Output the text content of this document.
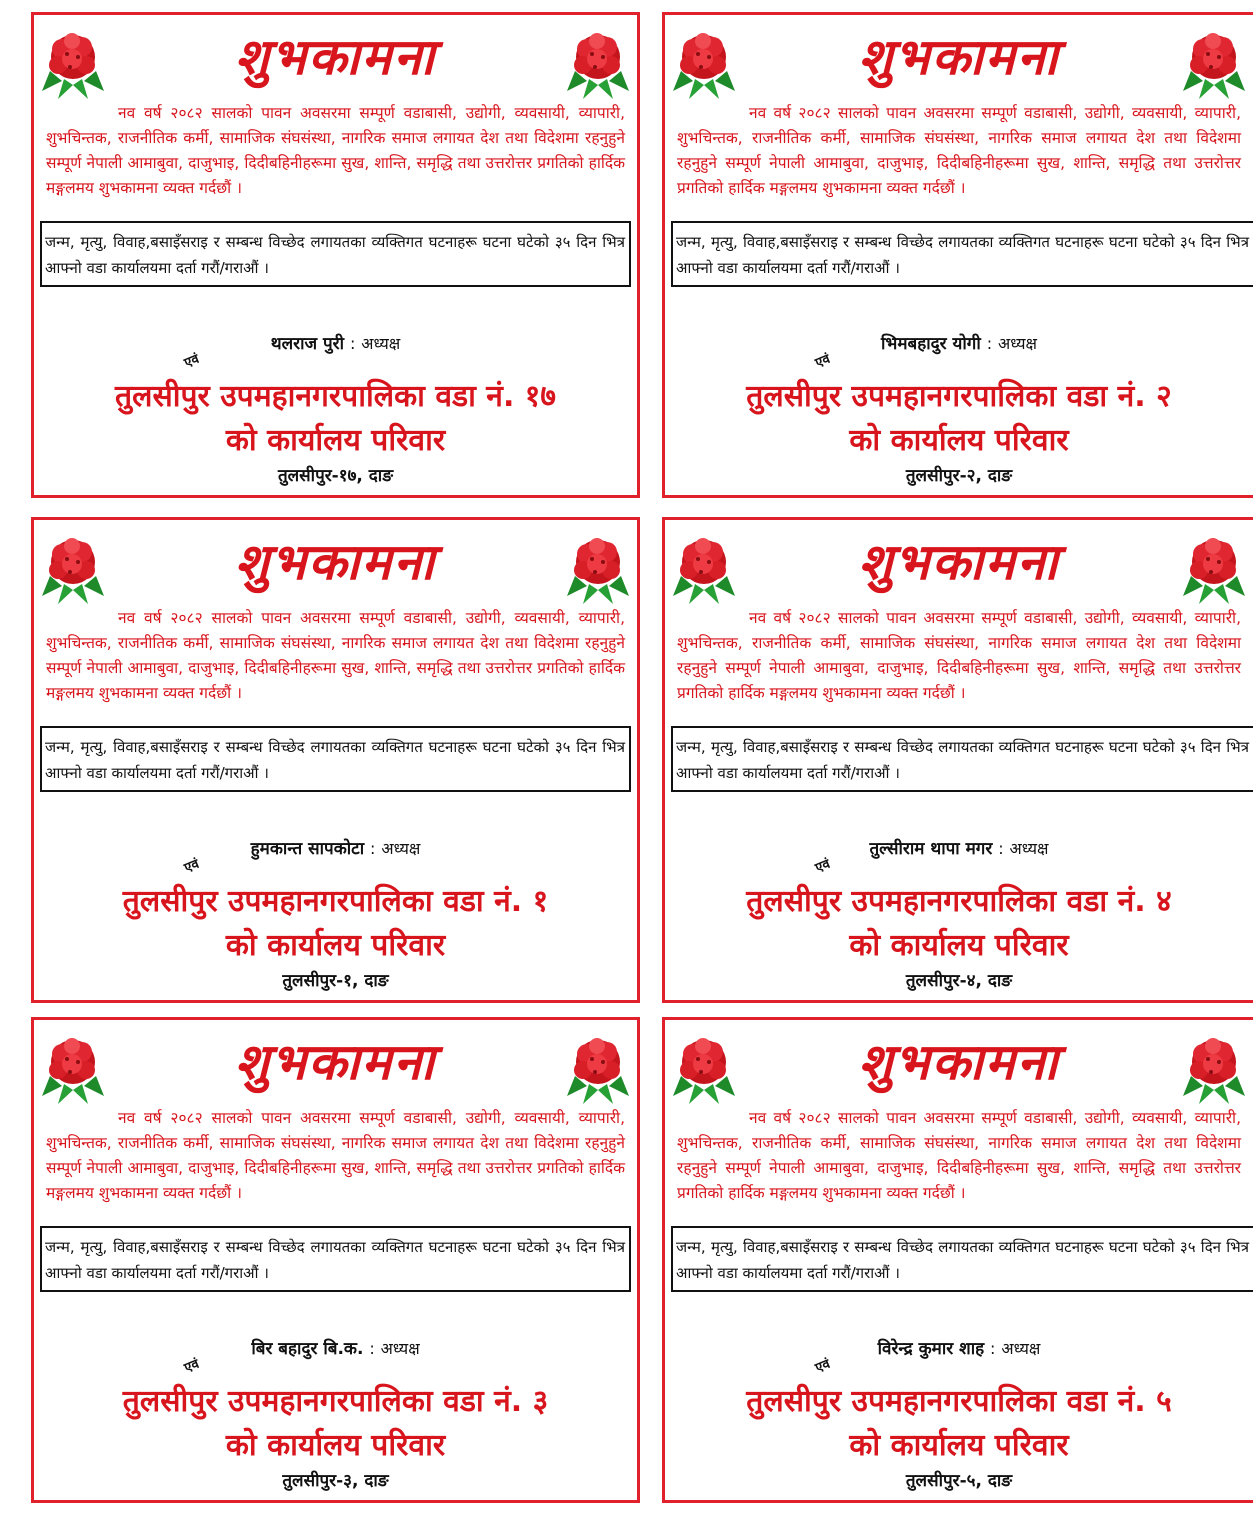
शुभकामना
नव वर्ष २०८२ सालको पावन अवसरमा सम्पूर्ण वडाबासी, उद्योगी, व्यवसायी, व्यापारी, शुभचिन्तक, राजनीतिक कर्मी, सामाजिक संघसंस्था, नागरिक समाज लगायत देश तथा विदेशमा रहनुहुने सम्पूर्ण नेपाली आमाबुवा, दाजुभाइ, दिदीबहिनीहरूमा सुख, शान्ति, समृद्धि तथा उत्तरोत्तर प्रगतिको हार्दिक मङ्गलमय शुभकामना व्यक्त गर्दछौं ।
जन्म, मृत्यु, विवाह,बसाइँसराइ र सम्बन्ध विच्छेद लगायतका व्यक्तिगत घटनाहरू घटना घटेको ३५ दिन भित्र आफ्नो वडा कार्यालयमा दर्ता गरौं/गराऔं ।
एवं
थलराज पुरी : अध्यक्ष
तुलसीपुर उपमहानगरपालिका वडा नं. १७
को कार्यालय परिवार
तुलसीपुर-१७, दाङ
शुभकामना
नव वर्ष २०८२ सालको पावन अवसरमा सम्पूर्ण वडाबासी, उद्योगी, व्यवसायी, व्यापारी, शुभचिन्तक, राजनीतिक कर्मी, सामाजिक संघसंस्था, नागरिक समाज लगायत देश तथा विदेशमा रहनुहुने सम्पूर्ण नेपाली आमाबुवा, दाजुभाइ, दिदीबहिनीहरूमा सुख, शान्ति, समृद्धि तथा उत्तरोत्तर प्रगतिको हार्दिक मङ्गलमय शुभकामना व्यक्त गर्दछौं ।
जन्म, मृत्यु, विवाह,बसाइँसराइ र सम्बन्ध विच्छेद लगायतका व्यक्तिगत घटनाहरू घटना घटेको ३५ दिन भित्र आफ्नो वडा कार्यालयमा दर्ता गरौं/गराऔं ।
एवं
भिमबहादुर योगी : अध्यक्ष
तुलसीपुर उपमहानगरपालिका वडा नं. २
को कार्यालय परिवार
तुलसीपुर-२, दाङ
शुभकामना
नव वर्ष २०८२ सालको पावन अवसरमा सम्पूर्ण वडाबासी, उद्योगी, व्यवसायी, व्यापारी, शुभचिन्तक, राजनीतिक कर्मी, सामाजिक संघसंस्था, नागरिक समाज लगायत देश तथा विदेशमा रहनुहुने सम्पूर्ण नेपाली आमाबुवा, दाजुभाइ, दिदीबहिनीहरूमा सुख, शान्ति, समृद्धि तथा उत्तरोत्तर प्रगतिको हार्दिक मङ्गलमय शुभकामना व्यक्त गर्दछौं ।
जन्म, मृत्यु, विवाह,बसाइँसराइ र सम्बन्ध विच्छेद लगायतका व्यक्तिगत घटनाहरू घटना घटेको ३५ दिन भित्र आफ्नो वडा कार्यालयमा दर्ता गरौं/गराऔं ।
एवं
हुमकान्त सापकोटा : अध्यक्ष
तुलसीपुर उपमहानगरपालिका वडा नं. १
को कार्यालय परिवार
तुलसीपुर-१, दाङ
शुभकामना
नव वर्ष २०८२ सालको पावन अवसरमा सम्पूर्ण वडाबासी, उद्योगी, व्यवसायी, व्यापारी, शुभचिन्तक, राजनीतिक कर्मी, सामाजिक संघसंस्था, नागरिक समाज लगायत देश तथा विदेशमा रहनुहुने सम्पूर्ण नेपाली आमाबुवा, दाजुभाइ, दिदीबहिनीहरूमा सुख, शान्ति, समृद्धि तथा उत्तरोत्तर प्रगतिको हार्दिक मङ्गलमय शुभकामना व्यक्त गर्दछौं ।
जन्म, मृत्यु, विवाह,बसाइँसराइ र सम्बन्ध विच्छेद लगायतका व्यक्तिगत घटनाहरू घटना घटेको ३५ दिन भित्र आफ्नो वडा कार्यालयमा दर्ता गरौं/गराऔं ।
एवं
तुल्सीराम थापा मगर : अध्यक्ष
तुलसीपुर उपमहानगरपालिका वडा नं. ४
को कार्यालय परिवार
तुलसीपुर-४, दाङ
शुभकामना
नव वर्ष २०८२ सालको पावन अवसरमा सम्पूर्ण वडाबासी, उद्योगी, व्यवसायी, व्यापारी, शुभचिन्तक, राजनीतिक कर्मी, सामाजिक संघसंस्था, नागरिक समाज लगायत देश तथा विदेशमा रहनुहुने सम्पूर्ण नेपाली आमाबुवा, दाजुभाइ, दिदीबहिनीहरूमा सुख, शान्ति, समृद्धि तथा उत्तरोत्तर प्रगतिको हार्दिक मङ्गलमय शुभकामना व्यक्त गर्दछौं ।
जन्म, मृत्यु, विवाह,बसाइँसराइ र सम्बन्ध विच्छेद लगायतका व्यक्तिगत घटनाहरू घटना घटेको ३५ दिन भित्र आफ्नो वडा कार्यालयमा दर्ता गरौं/गराऔं ।
एवं
बिर बहादुर बि.क. : अध्यक्ष
तुलसीपुर उपमहानगरपालिका वडा नं. ३
को कार्यालय परिवार
तुलसीपुर-३, दाङ
शुभकामना
नव वर्ष २०८२ सालको पावन अवसरमा सम्पूर्ण वडाबासी, उद्योगी, व्यवसायी, व्यापारी, शुभचिन्तक, राजनीतिक कर्मी, सामाजिक संघसंस्था, नागरिक समाज लगायत देश तथा विदेशमा रहनुहुने सम्पूर्ण नेपाली आमाबुवा, दाजुभाइ, दिदीबहिनीहरूमा सुख, शान्ति, समृद्धि तथा उत्तरोत्तर प्रगतिको हार्दिक मङ्गलमय शुभकामना व्यक्त गर्दछौं ।
जन्म, मृत्यु, विवाह,बसाइँसराइ र सम्बन्ध विच्छेद लगायतका व्यक्तिगत घटनाहरू घटना घटेको ३५ दिन भित्र आफ्नो वडा कार्यालयमा दर्ता गरौं/गराऔं ।
एवं
विरेन्द्र कुमार शाह : अध्यक्ष
तुलसीपुर उपमहानगरपालिका वडा नं. ५
को कार्यालय परिवार
तुलसीपुर-५, दाङ
